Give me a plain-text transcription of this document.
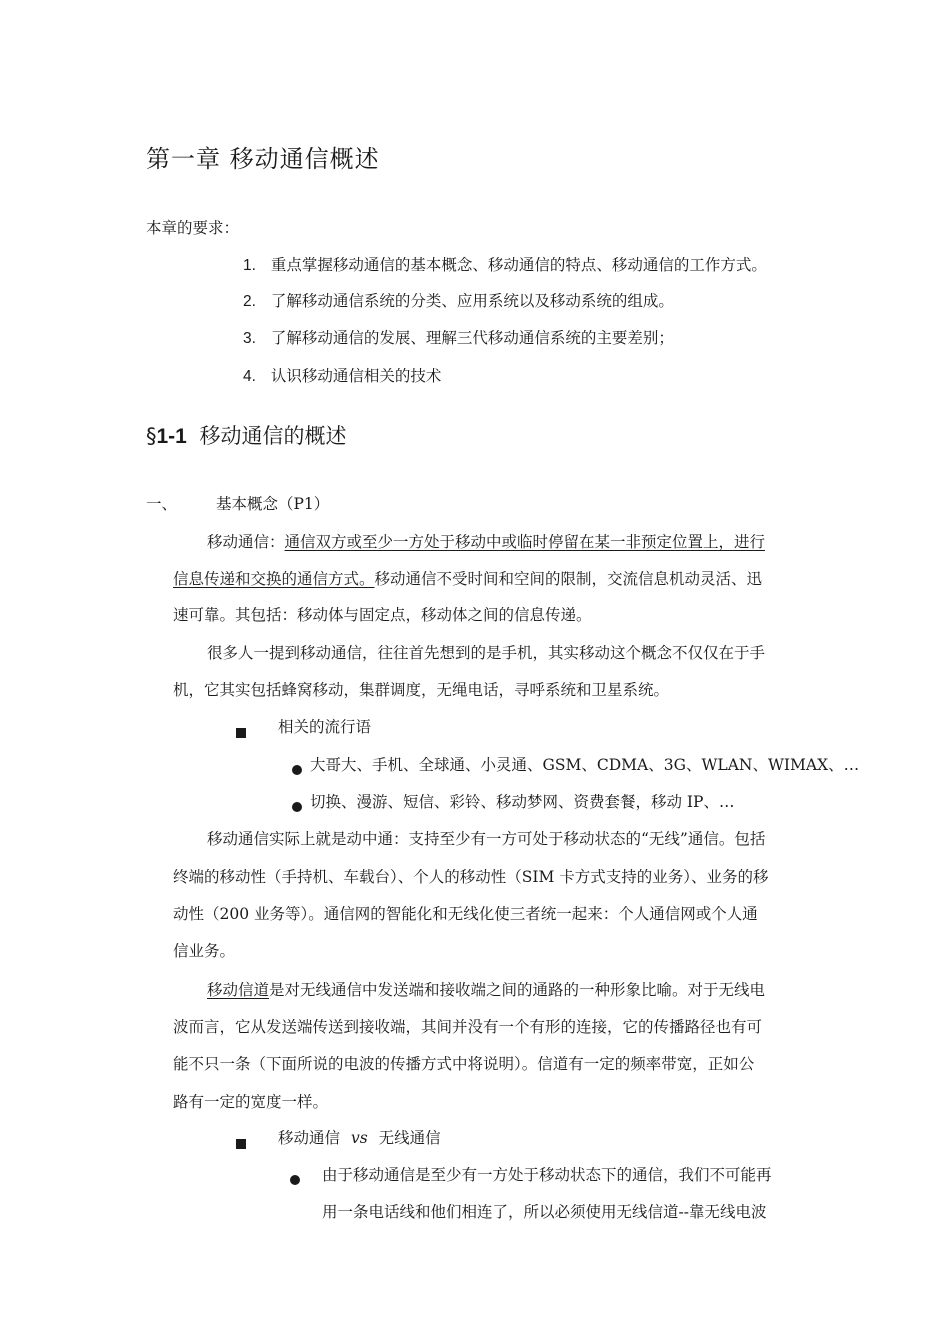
第一章 移动通信概述
本章的要求：
1. 重点掌握移动通信的基本概念、移动通信的特点、移动通信的工作方式。
2. 了解移动通信系统的分类、应用系统以及移动系统的组成。
3. 了解移动通信的发展、理解三代移动通信系统的主要差别；
4. 认识移动通信相关的技术
§1-1 移动通信的概述
一、	基本概念（P1）
移动通信：通信双方或至少一方处于移动中或临时停留在某一非预定位置上，进行
信息传递和交换的通信方式。移动通信不受时间和空间的限制，交流信息机动灵活、迅
速可靠。其包括：移动体与固定点，移动体之间的信息传递。
很多人一提到移动通信，往往首先想到的是手机，其实移动这个概念不仅仅在于手
机，它其实包括蜂窝移动，集群调度，无绳电话，寻呼系统和卫星系统。
相关的流行语
大哥大、手机、全球通、小灵通、GSM、CDMA、3G、WLAN、WIMAX、…
切换、漫游、短信、彩铃、移动梦网、资费套餐，移动 IP、…
移动通信实际上就是动中通：支持至少有一方可处于移动状态的“无线”通信。包括
终端的移动性（手持机、车载台）、个人的移动性（SIM 卡方式支持的业务）、业务的移
动性（200 业务等）。通信网的智能化和无线化使三者统一起来：个人通信网或个人通
信业务。
移动信道是对无线通信中发送端和接收端之间的通路的一种形象比喻。对于无线电
波而言，它从发送端传送到接收端，其间并没有一个有形的连接，它的传播路径也有可
能不只一条（下面所说的电波的传播方式中将说明）。信道有一定的频率带宽，正如公
路有一定的宽度一样。
移动通信 vs 无线通信
由于移动通信是至少有一方处于移动状态下的通信，我们不可能再
用一条电话线和他们相连了，所以必须使用无线信道--靠无线电波
